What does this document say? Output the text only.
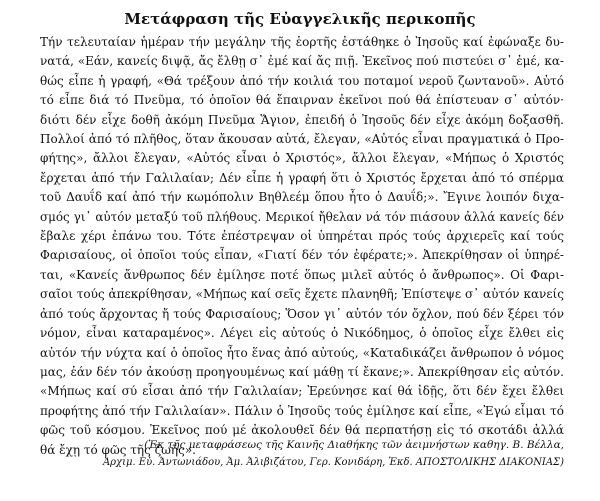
Μετάφραση τῆς Εὐαγγελικῆς περικοπῆς
Τήν τελευταίαν ἡμέραν τήν μεγάλην τῆς ἑορτῆς ἐστάθηκε ὁ Ἰησοῦς καί ἐφώναξε δυ-
νατά, «Εάν, κανείς διψᾷ, ἄς ἔλθῃ σ᾿ ἐμέ καί ἄς πιῇ. Ἐκεῖνος πού πιστεύει σ᾿ ἐμέ, κα-
θώς εἶπε ἡ γραφή, «Θά τρέξουν ἀπό τήν κοιλιά του ποταμοί νεροῦ ζωντανοῦ». Αὐτό
τό εἶπε διά τό Πνεῦμα, τό ὁποῖον θά ἔπαιρναν ἐκεῖνοι πού θά ἐπίστευαν σ᾿ αὐτόν·
διότι δέν εἶχε δοθῆ ἀκόμη Πνεῦμα Ἅγιον, ἐπειδή ὁ Ἰησοῦς δέν εἶχε ἀκόμη δοξασθῆ.
Πολλοί ἀπό τό πλῆθος, ὅταν ἄκουσαν αὐτά, ἔλεγαν, «Αὐτός εἶναι πραγματικά ὁ Προ-
φήτης», ἄλλοι ἔλεγαν, «Αὐτός εἶναι ὁ Χριστός», ἄλλοι ἔλεγαν, «Μήπως ὁ Χριστός
ἔρχεται ἀπό τήν Γαλιλαίαν; Δέν εἶπε ἡ γραφή ὅτι ὁ Χριστός ἔρχεται ἀπό τό σπέρμα
τοῦ Δαυΐδ καί ἀπό τήν κωμόπολιν Βηθλεέμ ὅπου ἦτο ὁ Δαυΐδ;». Ἔγινε λοιπόν διχα-
σμός γι᾿ αὐτόν μεταξύ τοῦ πλήθους. Μερικοί ἤθελαν νά τόν πιάσουν ἀλλά κανείς δέν
ἔβαλε χέρι ἐπάνω του. Τότε ἐπέστρεψαν οἱ ὑπηρέται πρός τούς ἀρχιερεῖς καί τούς
Φαρισαίους, οἱ ὁποῖοι τούς εἶπαν, «Γιατί δέν τόν ἐφέρατε;». Ἀπεκρίθησαν οἱ ὑπηρέ-
ται, «Κανείς ἄνθρωπος δέν ἐμίλησε ποτέ ὅπως μιλεῖ αὐτός ὁ ἄνθρωπος». Οἱ Φαρι-
σαῖοι τούς ἀπεκρίθησαν, «Μήπως καί σεῖς ἔχετε πλανηθῆ; Ἐπίστεψε σ᾿ αὐτόν κανείς
ἀπό τούς ἄρχοντας ἤ τούς Φαρισαίους; Ὅσον γι᾿ αὐτόν τόν ὄχλον, πού δέν ξέρει τόν
νόμον, εἶναι καταραμένος». Λέγει εἰς αὐτούς ὁ Νικόδημος, ὁ ὁποῖος εἶχε ἔλθει εἰς
αὐτόν τήν νύχτα καί ὁ ὁποῖος ἦτο ἕνας ἀπό αὐτούς, «Καταδικάζει ἄνθρωπον ὁ νόμος
μας, ἐάν δέν τόν ἀκούσῃ προηγουμένως καί μάθῃ τί ἔκανε;». Ἀπεκρίθησαν εἰς αὐτόν.
«Μήπως καί σύ εἶσαι ἀπό τήν Γαλιλαίαν; Ἐρεύνησε καί θά ἰδῇς, ὅτι δέν ἔχει ἔλθει
προφήτης ἀπό τήν Γαλιλαίαν». Πάλιν ὁ Ἰησοῦς τούς ἐμίλησε καί εἶπε, «Ἐγώ εἶμαι τό
φῶς τοῦ κόσμου. Ἐκεῖνος πού μέ ἀκολουθεῖ δέν θά περπατήσῃ εἰς τό σκοτάδι ἀλλά
θά ἔχῃ τό φῶς τῆς ζωῆς».
(Ἐκ τῆς μεταφράσεως τῆς Καινῆς Διαθήκης τῶν ἀειμνήστων καθηγ. Β. Βέλλα,
Ἀρχιμ. Εὐ. Ἀντωνιάδου, Ἀμ. Ἀλιβιζάτου, Γερ. Κονιδάρη, Ἐκδ. ΑΠΟΣΤΟΛΙΚΗΣ ΔΙΑΚΟΝΙΑΣ)
